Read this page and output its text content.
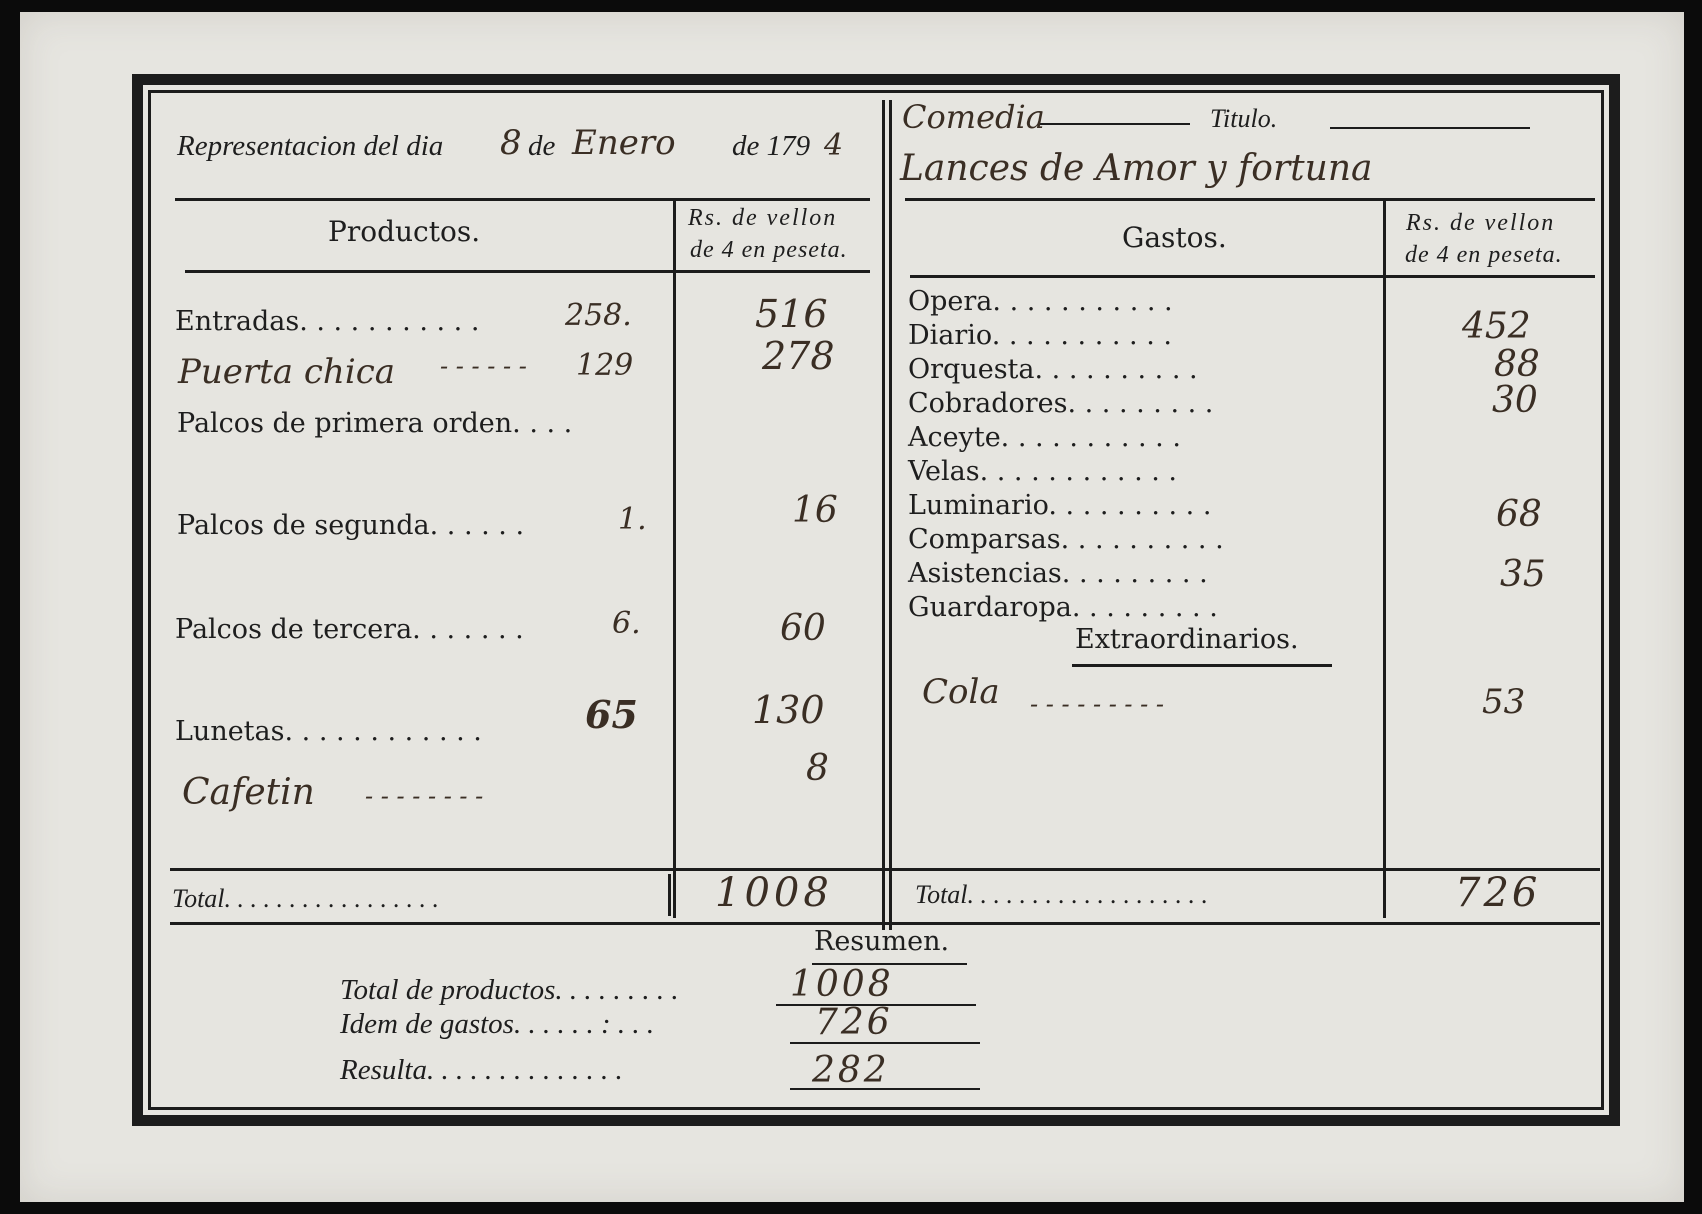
Representacion del dia 8 de Enero de 179 4
Comedia	Titulo.
Lances de Amor y fortuna
Productos.	Rs. de vellon
de 4 en peseta.
Entradas. . . . . . . . . . .	258.	516
Puerta chica - - - - - - 129	278
Palcos de primera orden. . . .
Palcos de segunda. . . . . .	1.	16
Palcos de tercera. . . . . . .	6.	60
Lunetas. . . . . . . . . . . .	65	130
Cafetin - - - - - - - -
8
Gastos.	Rs. de vellon
de 4 en peseta.
Opera. . . . . . . . . . .
Diario. . . . . . . . . . .	452
Orquesta. . . . . . . . . .	88
Cobradores. . . . . . . . .	30
Aceyte. . . . . . . . . . .
Velas. . . . . . . . . . . .
Luminario. . . . . . . . . .	68
Comparsas. . . . . . . . . .
Asistencias. . . . . . . . .	35
Guardaropa. . . . . . . . .
Extraordinarios.
Cola - - - - - - - - -	53
Total. . . . . . . . . . . . . . . . .	1008	Total. . . . . . . . . . . . . . . . . . .	726
Resumen.
Total de productos. . . . . . . . .	1008
Idem de gastos. . . . . . : . . .	726
Resulta. . . . . . . . . . . . . .	282
